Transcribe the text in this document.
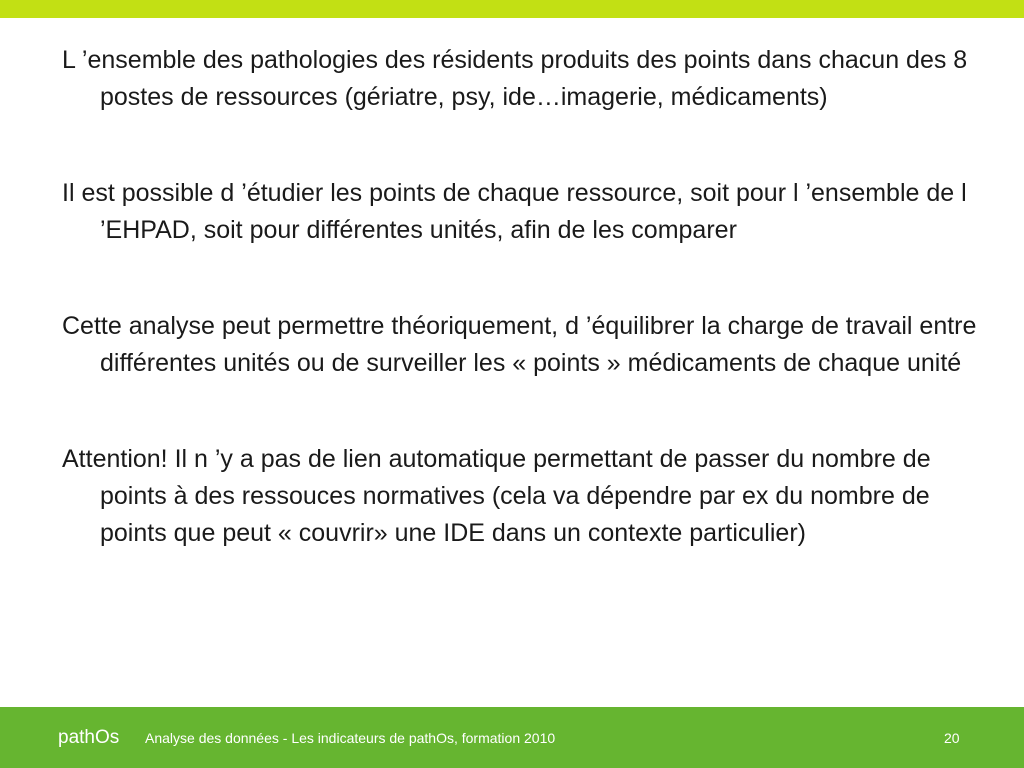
L ’ensemble des pathologies des résidents produits des points dans chacun des 8 postes de ressources (gériatre, psy, ide…imagerie, médicaments)

Il est possible d ’étudier les points de chaque ressource, soit pour l ’ensemble de l ’EHPAD, soit pour différentes unités, afin de les comparer

Cette analyse peut permettre théoriquement, d ’équilibrer la charge de travail entre différentes unités ou de surveiller les « points » médicaments de chaque unité

Attention! Il n ’y a pas de lien automatique permettant de passer du nombre de points à des ressouces normatives (cela va dépendre par ex du nombre de points que peut « couvrir» une IDE dans un contexte particulier)

pathOs Analyse des données - Les indicateurs de pathOs, formation 2010	20
